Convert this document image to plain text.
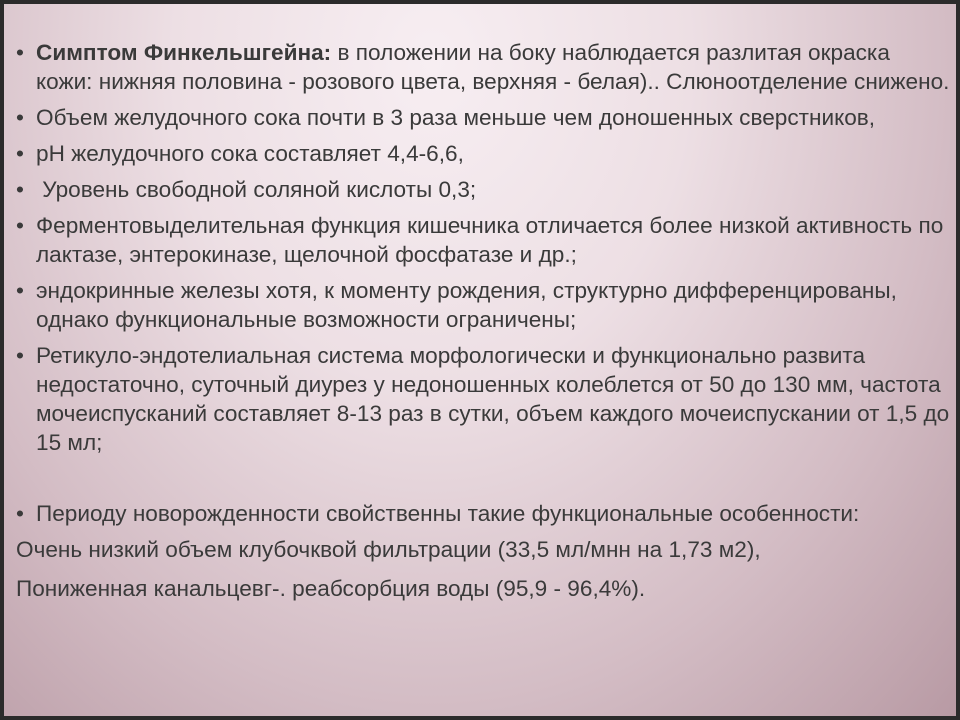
• Симптом Финкельшгейна: в положении на боку наблюдается разлитая окраска кожи: нижняя половина - розового цвета, верхняя - белая).. Слюноотделение снижено.
• Объем желудочного сока почти в 3 раза меньше чем доношенных сверстников,
• pH желудочного сока составляет 4,4-6,6,
•  Уровень свободной соляной кислоты 0,3;
• Ферментовыделительная функция кишечника отличается более низкой активность по лактазе, энтерокиназе, щелочной фосфатазе и др.;
• эндокринные железы хотя, к моменту рождения, структурно дифференцированы, однако функциональные возможности ограничены;
• Ретикуло-эндотелиальная система морфологически и функционально развита недостаточно, суточный диурез у недоношенных колеблется от 50 до 130 мм, частота мочеиспусканий составляет 8-13 раз в сутки, объем каждого мочеиспускании от 1,5 до 15 мл;
• Периоду новорожденности свойственны такие функциональные особенности:
Очень низкий объем клубочквой фильтрации (33,5 мл/мнн на 1,73 м2),
Пониженная канальцевг-. реабсорбция воды (95,9 - 96,4%).
